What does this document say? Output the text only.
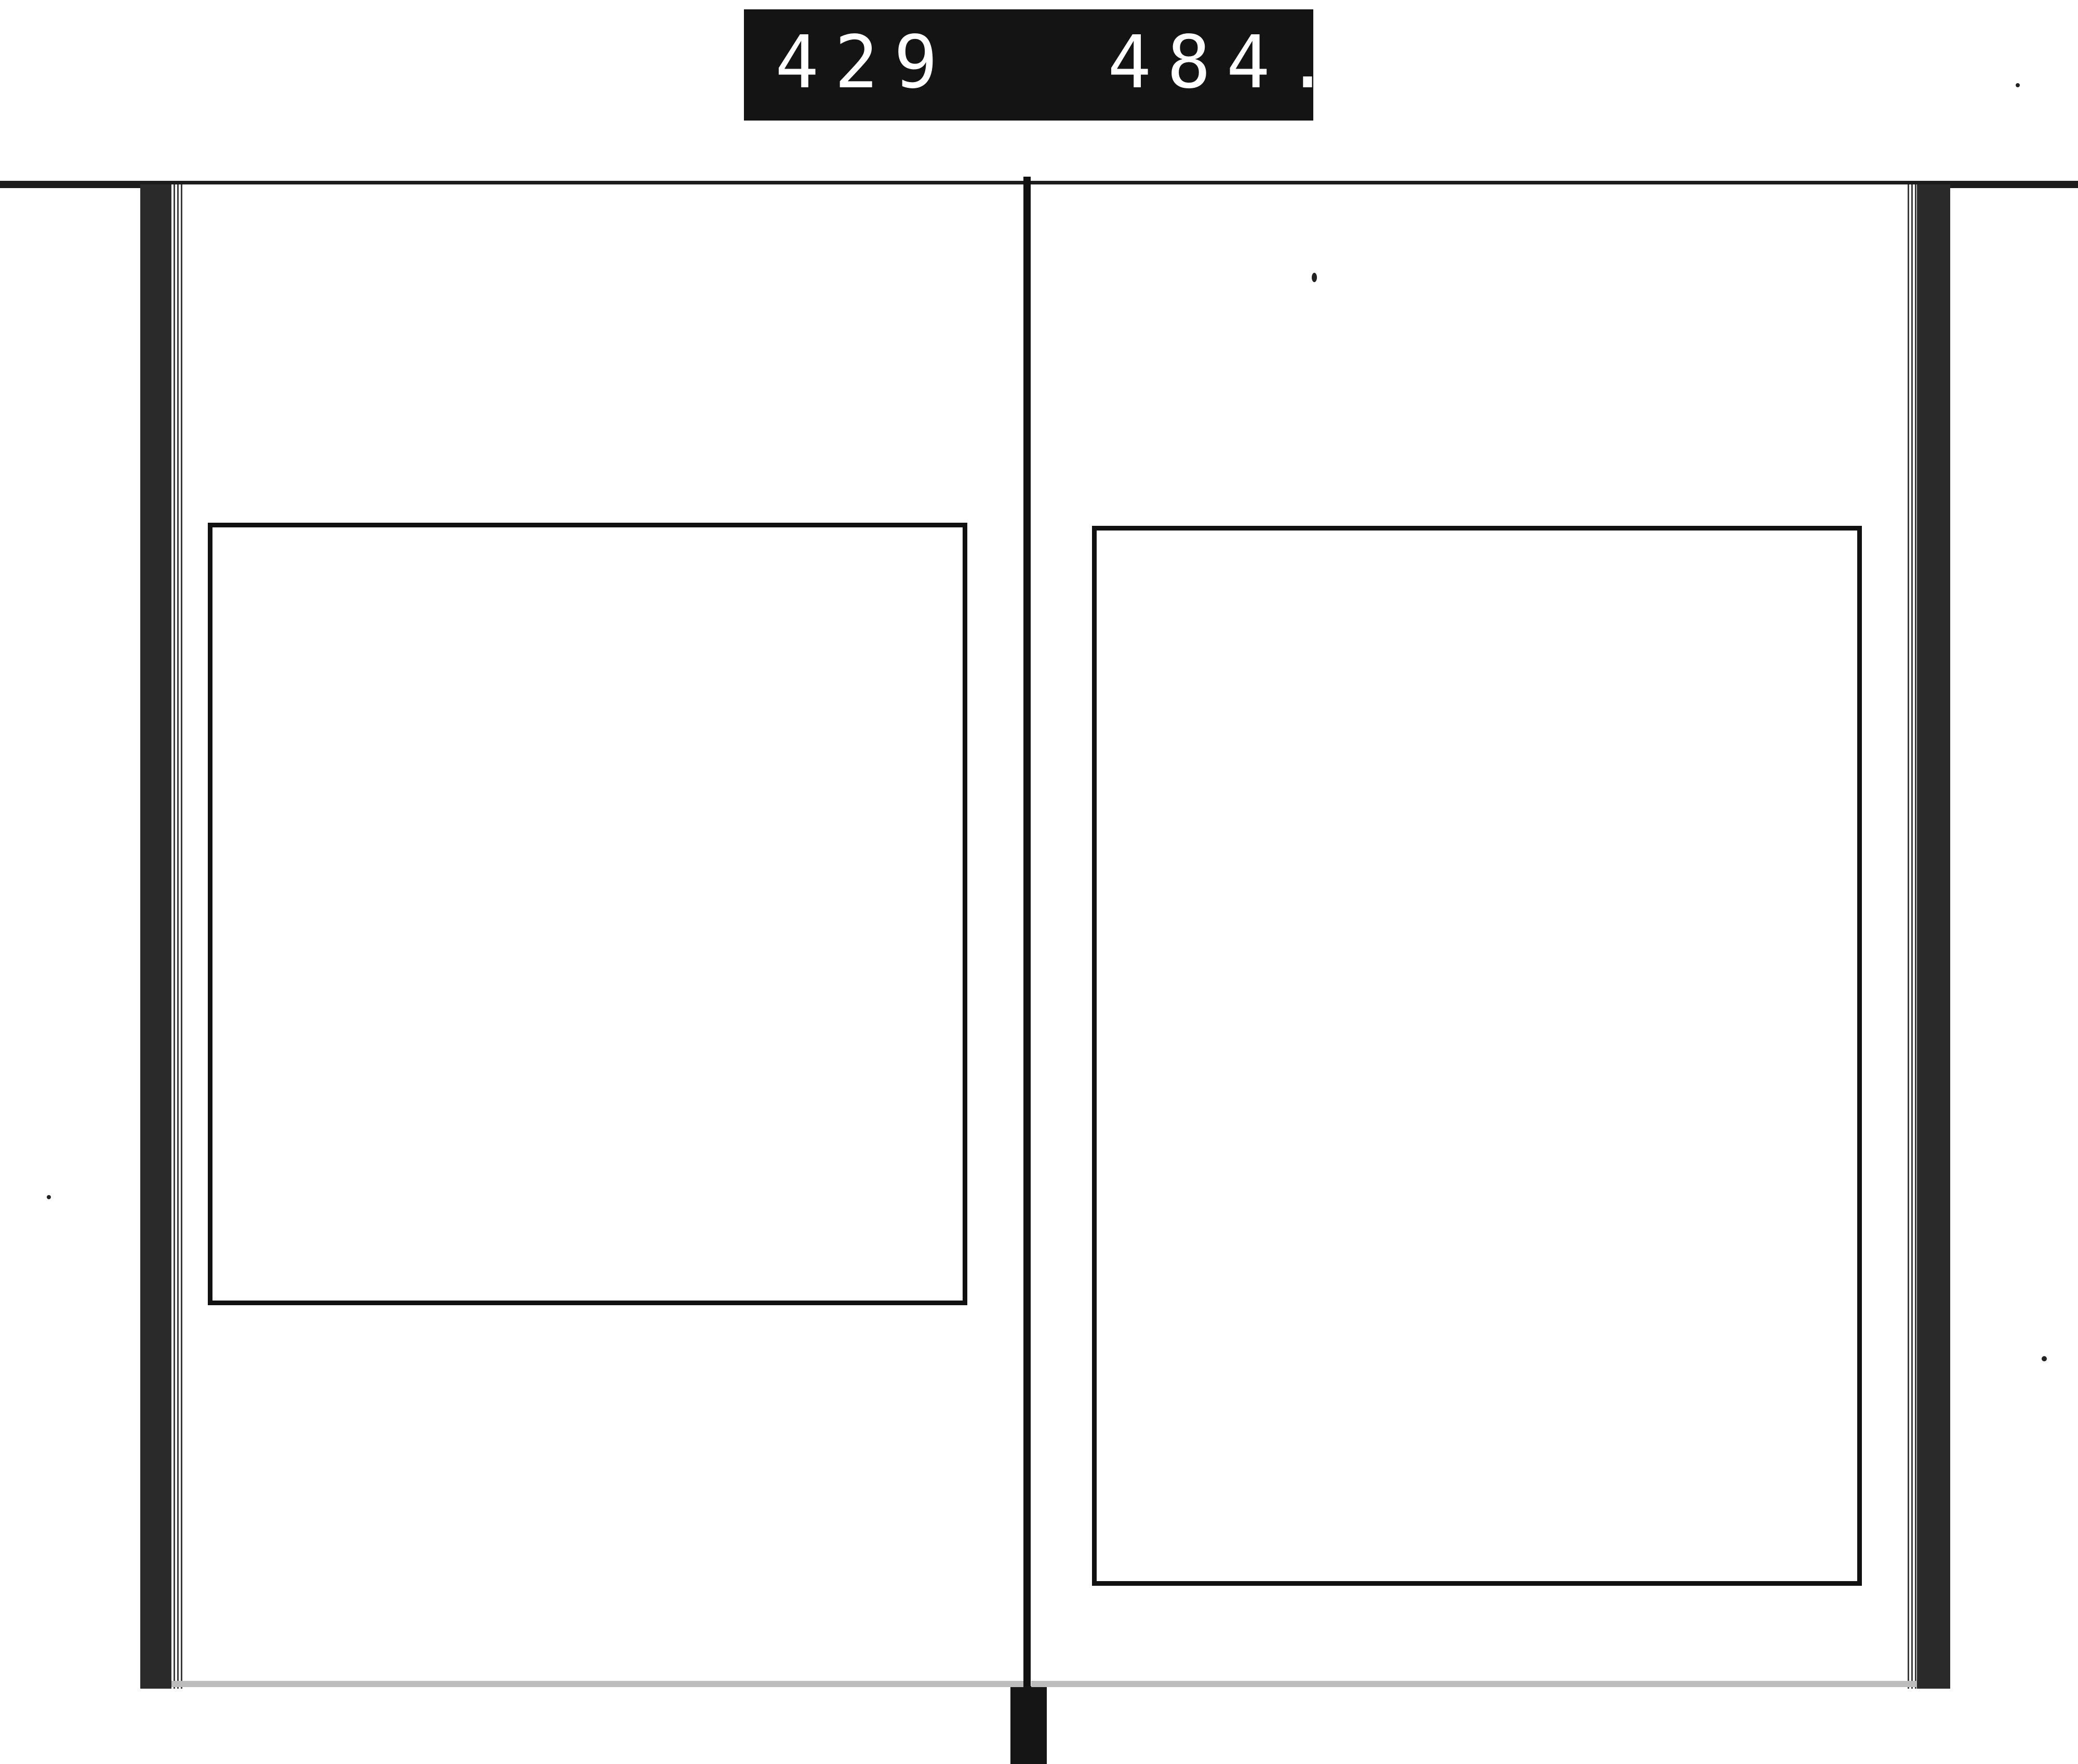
429 484.
